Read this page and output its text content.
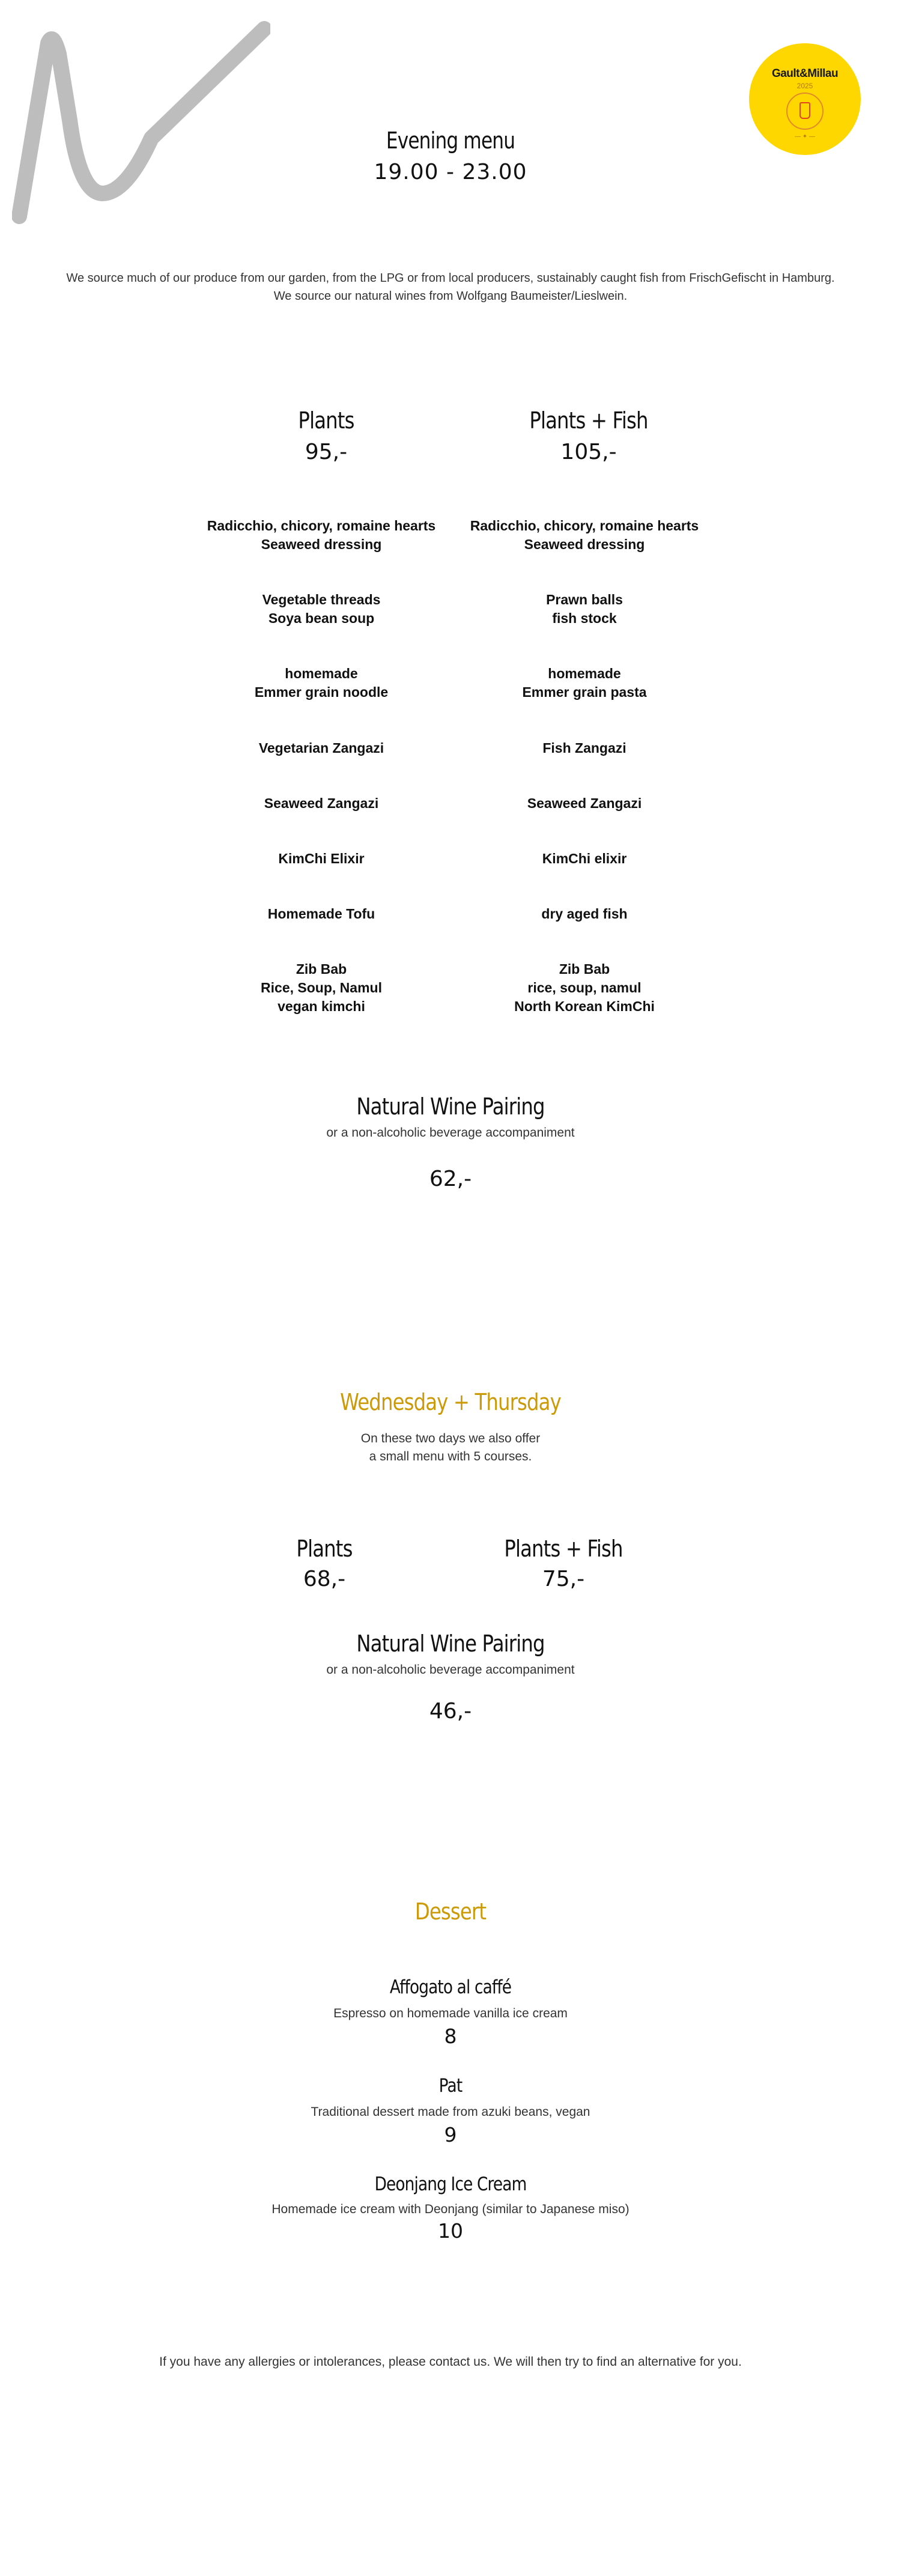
Gault&Millau
2025
— ✦ —
Evening menu
19.00 - 23.00
We source much of our produce from our garden, from the LPG or from local producers, sustainably caught fish from FrischGefischt in Hamburg. We source our natural wines from Wolfgang Baumeister/Lieslwein.
Plants
95,-
Plants + Fish
105,-
Radicchio, chicory, romaine hearts
Seaweed dressing
Vegetable threads
Soya bean soup
homemade
Emmer grain noodle
Vegetarian Zangazi
Seaweed Zangazi
KimChi Elixir
Homemade Tofu
Zib Bab
Rice, Soup, Namul
vegan kimchi
Radicchio, chicory, romaine hearts
Seaweed dressing
Prawn balls
fish stock
homemade
Emmer grain pasta
Fish Zangazi
Seaweed Zangazi
KimChi elixir
dry aged fish
Zib Bab
rice, soup, namul
North Korean KimChi
Natural Wine Pairing
or a non-alcoholic beverage accompaniment
62,-
Wednesday + Thursday
On these two days we also offer
a small menu with 5 courses.
Plants
68,-
Plants + Fish
75,-
Natural Wine Pairing
or a non-alcoholic beverage accompaniment
46,-
Dessert
Affogato al caffé
Espresso on homemade vanilla ice cream
8
Pat
Traditional dessert made from azuki beans, vegan
9
Deonjang Ice Cream
Homemade ice cream with Deonjang (similar to Japanese miso)
10
If you have any allergies or intolerances, please contact us. We will then try to find an alternative for you.
